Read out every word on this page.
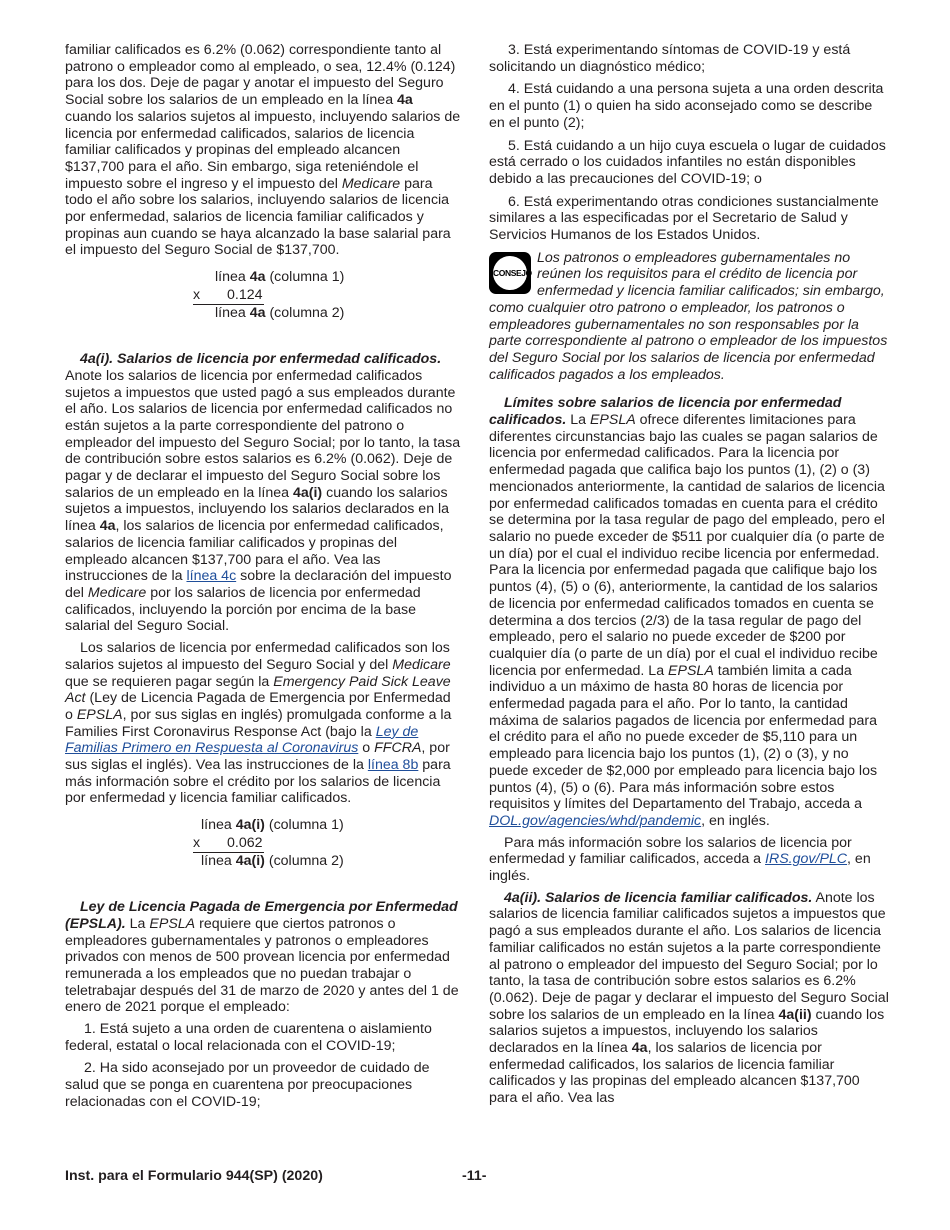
familiar calificados es 6.2% (0.062) correspondiente tanto al patrono o empleador como al empleado, o sea, 12.4% (0.124) para los dos. Deje de pagar y anotar el impuesto del Seguro Social sobre los salarios de un empleado en la línea 4a cuando los salarios sujetos al impuesto, incluyendo salarios de licencia por enfermedad calificados, salarios de licencia familiar calificados y propinas del empleado alcancen $137,700 para el año. Sin embargo, siga reteniéndole el impuesto sobre el ingreso y el impuesto del Medicare para todo el año sobre los salarios, incluyendo salarios de licencia por enfermedad, salarios de licencia familiar calificados y propinas aun cuando se haya alcanzado la base salarial para el impuesto del Seguro Social de $137,700.

línea 4a (columna 1)
x 0.124
línea 4a (columna 2)

4a(i). Salarios de licencia por enfermedad calificados. Anote los salarios de licencia por enfermedad calificados sujetos a impuestos que usted pagó a sus empleados durante el año. Los salarios de licencia por enfermedad calificados no están sujetos a la parte correspondiente del patrono o empleador del impuesto del Seguro Social; por lo tanto, la tasa de contribución sobre estos salarios es 6.2% (0.062). Deje de pagar y de declarar el impuesto del Seguro Social sobre los salarios de un empleado en la línea 4a(i) cuando los salarios sujetos a impuestos, incluyendo los salarios declarados en la línea 4a, los salarios de licencia por enfermedad calificados, salarios de licencia familiar calificados y propinas del empleado alcancen $137,700 para el año. Vea las instrucciones de la línea 4c sobre la declaración del impuesto del Medicare por los salarios de licencia por enfermedad calificados, incluyendo la porción por encima de la base salarial del Seguro Social.

Los salarios de licencia por enfermedad calificados son los salarios sujetos al impuesto del Seguro Social y del Medicare que se requieren pagar según la Emergency Paid Sick Leave Act (Ley de Licencia Pagada de Emergencia por Enfermedad o EPSLA, por sus siglas en inglés) promulgada conforme a la Families First Coronavirus Response Act (bajo la Ley de Familias Primero en Respuesta al Coronavirus o FFCRA, por sus siglas el inglés). Vea las instrucciones de la línea 8b para más información sobre el crédito por los salarios de licencia por enfermedad y licencia familiar calificados.

línea 4a(i) (columna 1)
x 0.062
línea 4a(i) (columna 2)

Ley de Licencia Pagada de Emergencia por Enfermedad (EPSLA). La EPSLA requiere que ciertos patronos o empleadores gubernamentales y patronos o empleadores privados con menos de 500 provean licencia por enfermedad remunerada a los empleados que no puedan trabajar o teletrabajar después del 31 de marzo de 2020 y antes del 1 de enero de 2021 porque el empleado:

1. Está sujeto a una orden de cuarentena o aislamiento federal, estatal o local relacionada con el COVID-19;

2. Ha sido aconsejado por un proveedor de cuidado de salud que se ponga en cuarentena por preocupaciones relacionadas con el COVID-19;

3. Está experimentando síntomas de COVID-19 y está solicitando un diagnóstico médico;

4. Está cuidando a una persona sujeta a una orden descrita en el punto (1) o quien ha sido aconsejado como se describe en el punto (2);

5. Está cuidando a un hijo cuya escuela o lugar de cuidados está cerrado o los cuidados infantiles no están disponibles debido a las precauciones del COVID-19; o

6. Está experimentando otras condiciones sustancialmente similares a las especificadas por el Secretario de Salud y Servicios Humanos de los Estados Unidos.

CONSEJO
Los patronos o empleadores gubernamentales no reúnen los requisitos para el crédito de licencia por enfermedad y licencia familiar calificados; sin embargo, como cualquier otro patrono o empleador, los patronos o empleadores gubernamentales no son responsables por la parte correspondiente al patrono o empleador de los impuestos del Seguro Social por los salarios de licencia por enfermedad calificados pagados a los empleados.

Límites sobre salarios de licencia por enfermedad calificados. La EPSLA ofrece diferentes limitaciones para diferentes circunstancias bajo las cuales se pagan salarios de licencia por enfermedad calificados. Para la licencia por enfermedad pagada que califica bajo los puntos (1), (2) o (3) mencionados anteriormente, la cantidad de salarios de licencia por enfermedad calificados tomadas en cuenta para el crédito se determina por la tasa regular de pago del empleado, pero el salario no puede exceder de $511 por cualquier día (o parte de un día) por el cual el individuo recibe licencia por enfermedad. Para la licencia por enfermedad pagada que califique bajo los puntos (4), (5) o (6), anteriormente, la cantidad de los salarios de licencia por enfermedad calificados tomados en cuenta se determina a dos tercios (2/3) de la tasa regular de pago del empleado, pero el salario no puede exceder de $200 por cualquier día (o parte de un día) por el cual el individuo recibe licencia por enfermedad. La EPSLA también limita a cada individuo a un máximo de hasta 80 horas de licencia por enfermedad pagada para el año. Por lo tanto, la cantidad máxima de salarios pagados de licencia por enfermedad para el crédito para el año no puede exceder de $5,110 para un empleado para licencia bajo los puntos (1), (2) o (3), y no puede exceder de $2,000 por empleado para licencia bajo los puntos (4), (5) o (6). Para más información sobre estos requisitos y límites del Departamento del Trabajo, acceda a DOL.gov/agencies/whd/pandemic, en inglés.

Para más información sobre los salarios de licencia por enfermedad y familiar calificados, acceda a IRS.gov/PLC, en inglés.

4a(ii). Salarios de licencia familiar calificados. Anote los salarios de licencia familiar calificados sujetos a impuestos que pagó a sus empleados durante el año. Los salarios de licencia familiar calificados no están sujetos a la parte correspondiente al patrono o empleador del impuesto del Seguro Social; por lo tanto, la tasa de contribución sobre estos salarios es 6.2% (0.062). Deje de pagar y declarar el impuesto del Seguro Social sobre los salarios de un empleado en la línea 4a(ii) cuando los salarios sujetos a impuestos, incluyendo los salarios declarados en la línea 4a, los salarios de licencia por enfermedad calificados, los salarios de licencia familiar calificados y las propinas del empleado alcancen $137,700 para el año. Vea las

Inst. para el Formulario 944(SP) (2020)	-11-
